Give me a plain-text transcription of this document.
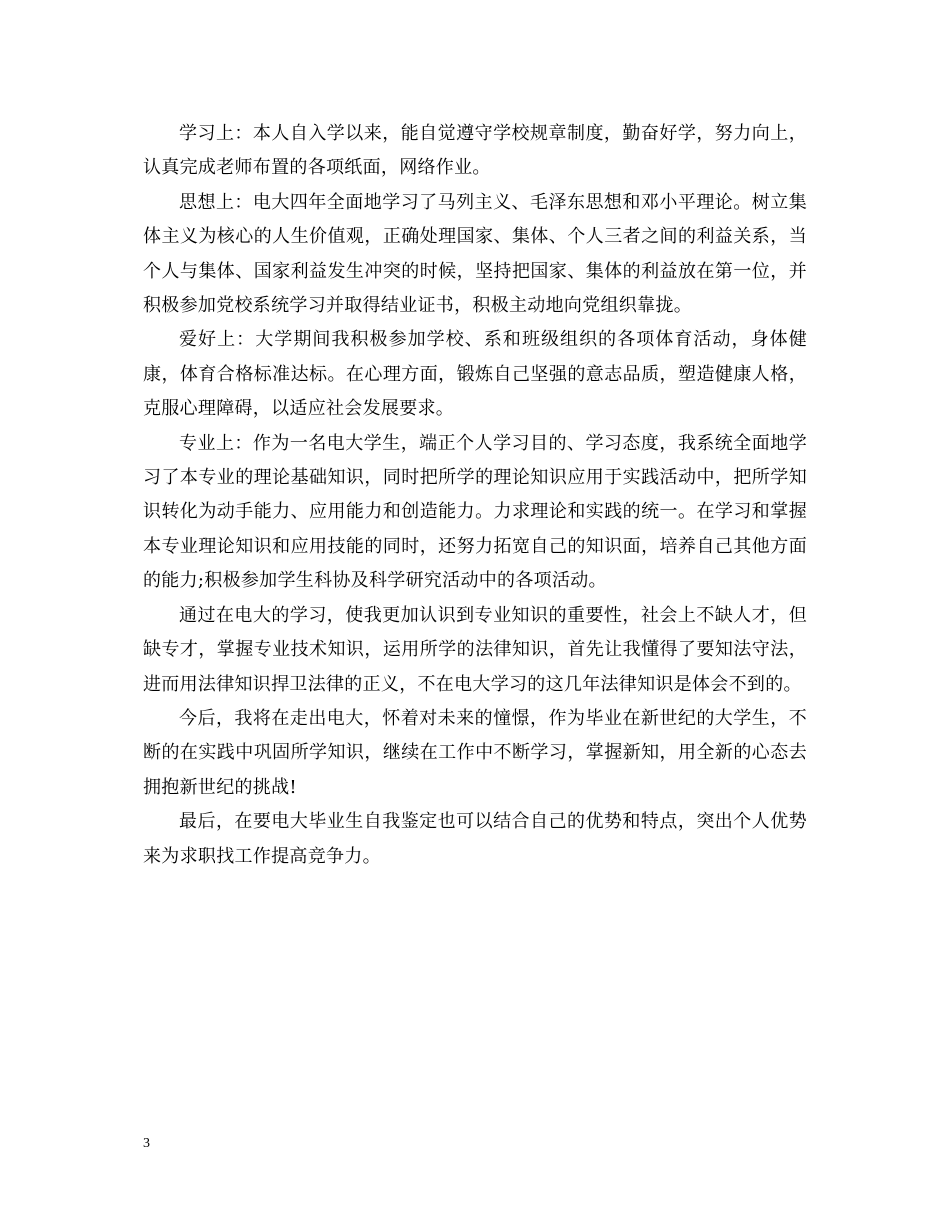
学习上：本人自入学以来，能自觉遵守学校规章制度，勤奋好学，努力向上，认真完成老师布置的各项纸面，网络作业。

思想上：电大四年全面地学习了马列主义、毛泽东思想和邓小平理论。树立集体主义为核心的人生价值观，正确处理国家、集体、个人三者之间的利益关系，当个人与集体、国家利益发生冲突的时候，坚持把国家、集体的利益放在第一位，并积极参加党校系统学习并取得结业证书，积极主动地向党组织靠拢。

爱好上：大学期间我积极参加学校、系和班级组织的各项体育活动，身体健康，体育合格标准达标。在心理方面，锻炼自己坚强的意志品质，塑造健康人格，克服心理障碍，以适应社会发展要求。

专业上：作为一名电大学生，端正个人学习目的、学习态度，我系统全面地学习了本专业的理论基础知识，同时把所学的理论知识应用于实践活动中，把所学知识转化为动手能力、应用能力和创造能力。力求理论和实践的统一。在学习和掌握本专业理论知识和应用技能的同时，还努力拓宽自己的知识面，培养自己其他方面的能力;积极参加学生科协及科学研究活动中的各项活动。

通过在电大的学习，使我更加认识到专业知识的重要性，社会上不缺人才，但缺专才，掌握专业技术知识，运用所学的法律知识，首先让我懂得了要知法守法，进而用法律知识捍卫法律的正义，不在电大学习的这几年法律知识是体会不到的。

今后，我将在走出电大，怀着对未来的憧憬，作为毕业在新世纪的大学生，不断的在实践中巩固所学知识，继续在工作中不断学习，掌握新知，用全新的心态去拥抱新世纪的挑战!

最后，在要电大毕业生自我鉴定也可以结合自己的优势和特点，突出个人优势来为求职找工作提高竞争力。

3
